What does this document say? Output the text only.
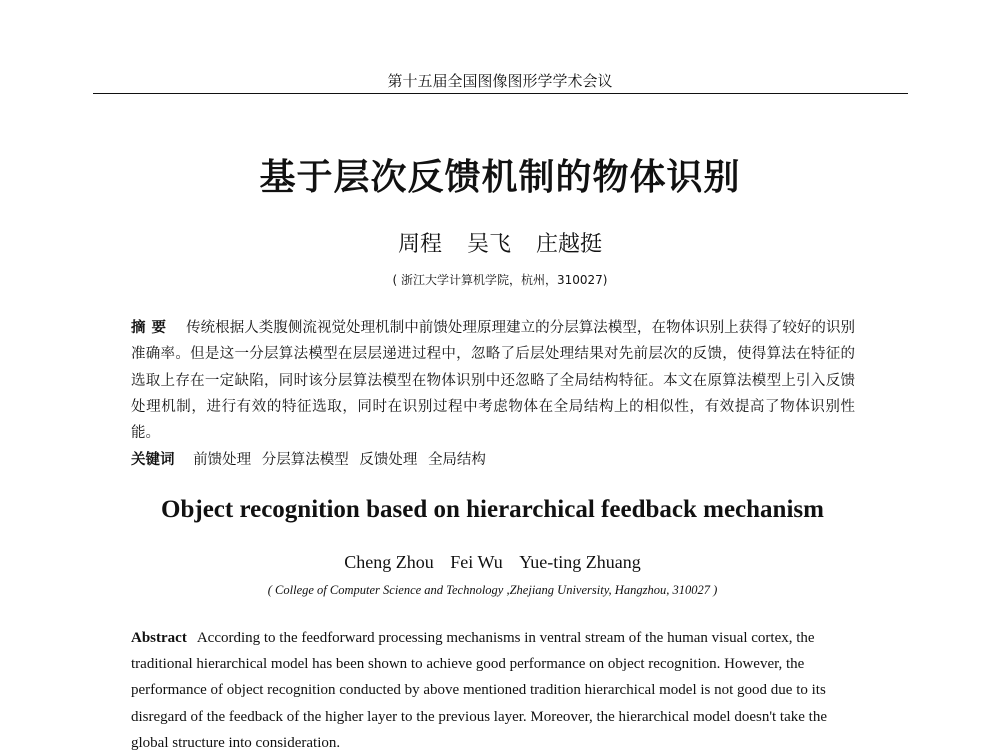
第十五届全国图像图形学学术会议
基于层次反馈机制的物体识别
周程 吴飞 庄越挺
( 浙江大学计算机学院，杭州，310027)
摘要 传统根据人类腹侧流视觉处理机制中前馈处理原理建立的分层算法模型，在物体识别上获得了较好的识别准确率。但是这一分层算法模型在层层递进过程中，忽略了后层处理结果对先前层次的反馈，使得算法在特征的选取上存在一定缺陷，同时该分层算法模型在物体识别中还忽略了全局结构特征。本文在原算法模型上引入反馈处理机制，进行有效的特征选取，同时在识别过程中考虑物体在全局结构上的相似性，有效提高了物体识别性能。
关键词 前馈处理 分层算法模型 反馈处理 全局结构
Object recognition based on hierarchical feedback mechanism
Cheng Zhou Fei Wu Yue-ting Zhuang
( College of Computer Science and Technology ,Zhejiang University, Hangzhou, 310027 )
Abstract According to the feedforward processing mechanisms in ventral stream of the human visual cortex, the traditional hierarchical model has been shown to achieve good performance on object recognition. However, the performance of object recognition conducted by above mentioned tradition hierarchical model is not good due to its disregard of the feedback of the higher layer to the previous layer. Moreover, the hierarchical model doesn't take the global structure into consideration.
